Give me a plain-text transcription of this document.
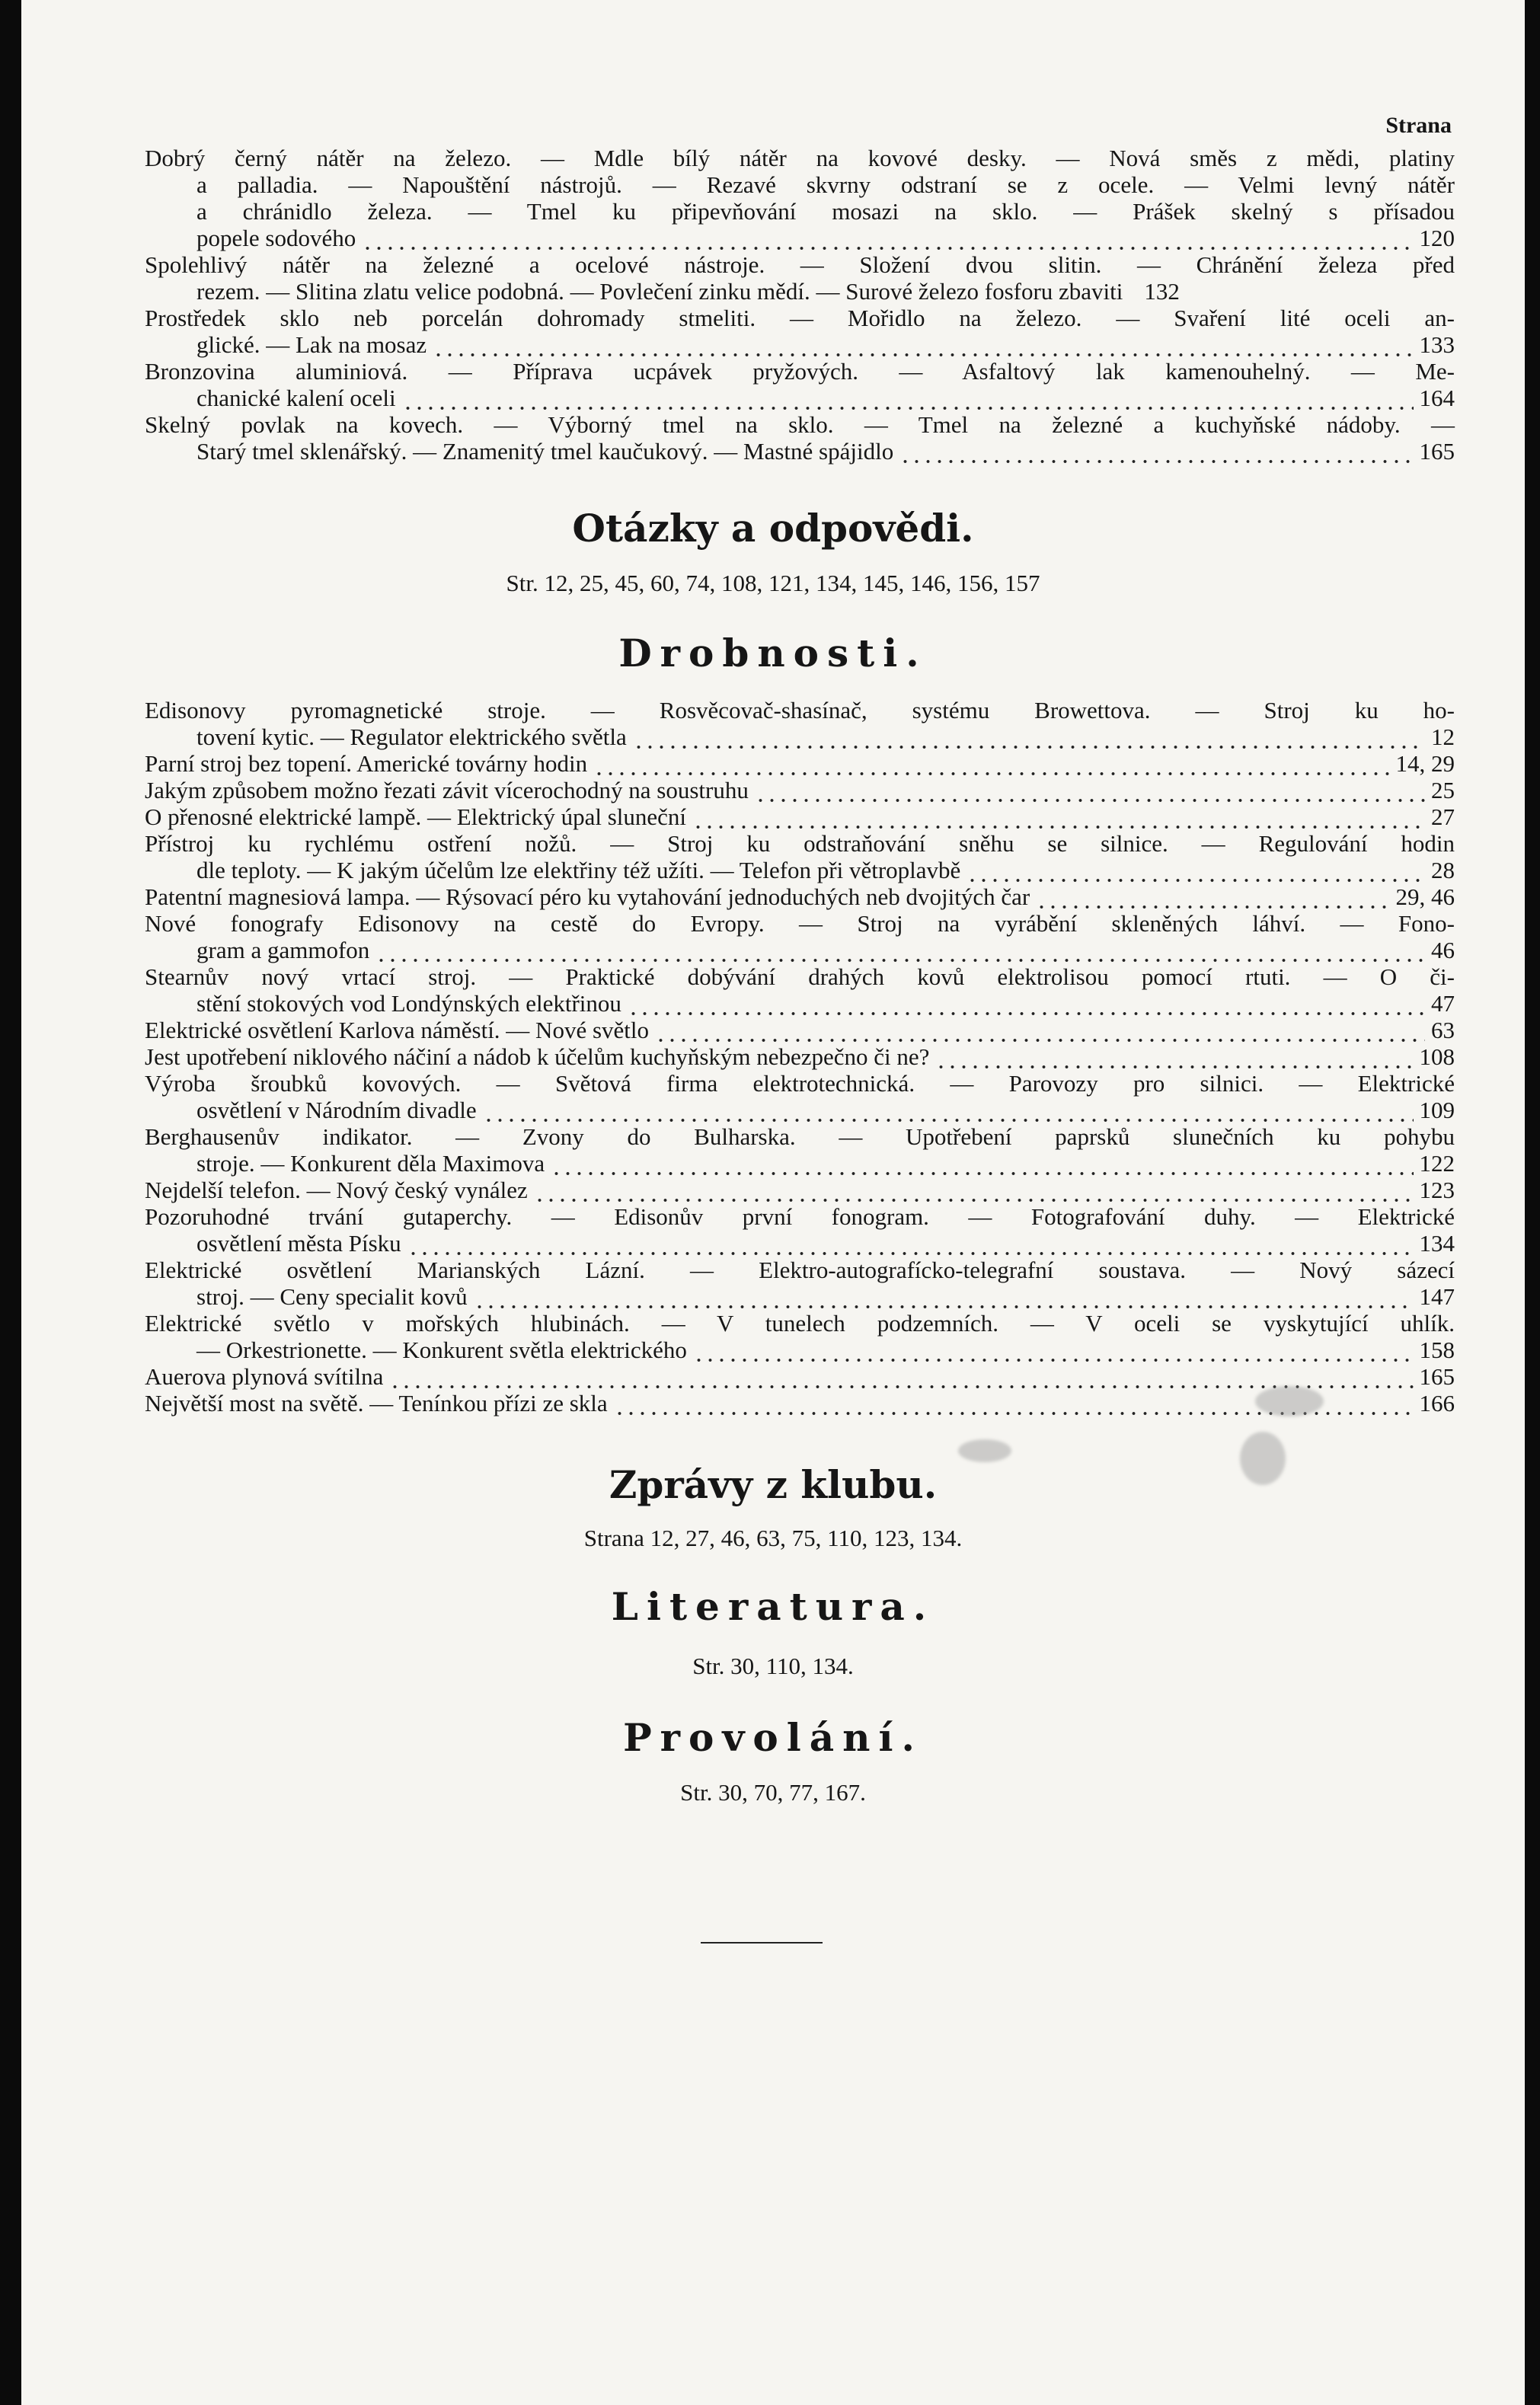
Strana
Dobrý černý nátěr na železo. — Mdle bílý nátěr na kovové desky. — Nová směs z mědi, platiny
a palladia. — Napouštění nástrojů. — Rezavé skvrny odstraní se z ocele. — Velmi levný nátěr
a chránidlo železa. — Tmel ku připevňování mosazi na sklo. — Prášek skelný s přísadou
popele sodového	120
Spolehlivý nátěr na železné a ocelové nástroje. — Složení dvou slitin. — Chránění železa před
rezem. — Slitina zlatu velice podobná. — Povlečení zinku mědí. — Surové železo fosforu zbaviti 132
Prostředek sklo neb porcelán dohromady stmeliti. — Mořidlo na železo. — Svaření lité oceli an-
glické. — Lak na mosaz	133
Bronzovina aluminiová. — Příprava ucpávek pryžových. — Asfaltový lak kamenouhelný. — Me-
chanické kalení oceli	164
Skelný povlak na kovech. — Výborný tmel na sklo. — Tmel na železné a kuchyňské nádoby. —
Starý tmel sklenářský. — Znamenitý tmel kaučukový. — Mastné spájidlo	165
Otázky a odpovědi.
Str. 12, 25, 45, 60, 74, 108, 121, 134, 145, 146, 156, 157
Drobnosti.
Edisonovy pyromagnetické stroje. — Rosvěcovač-shasínač, systému Browettova. — Stroj ku ho-
tovení kytic. — Regulator elektrického světla	12
Parní stroj bez topení. Americké továrny hodin	14, 29
Jakým způsobem možno řezati závit vícerochodný na soustruhu	25
O přenosné elektrické lampě. — Elektrický úpal sluneční	27
Přístroj ku rychlému ostření nožů. — Stroj ku odstraňování sněhu se silnice. — Regulování hodin
dle teploty. — K jakým účelům lze elektřiny též užíti. — Telefon při větroplavbě	28
Patentní magnesiová lampa. — Rýsovací péro ku vytahování jednoduchých neb dvojitých čar	29, 46
Nové fonografy Edisonovy na cestě do Evropy. — Stroj na vyrábění skleněných láhví. — Fono-
gram a gammofon	46
Stearnův nový vrtací stroj. — Praktické dobývání drahých kovů elektrolisou pomocí rtuti. — O či-
stění stokových vod Londýnských elektřinou	47
Elektrické osvětlení Karlova náměstí. — Nové světlo	63
Jest upotřebení niklového náčiní a nádob k účelům kuchyňským nebezpečno či ne?	108
Výroba šroubků kovových. — Světová firma elektrotechnická. — Parovozy pro silnici. — Elektrické
osvětlení v Národním divadle	109
Berghausenův indikator. — Zvony do Bulharska. — Upotřebení paprsků slunečních ku pohybu
stroje. — Konkurent děla Maximova	122
Nejdelší telefon. — Nový český vynález	123
Pozoruhodné trvání gutaperchy. — Edisonův první fonogram. — Fotografování duhy. — Elektrické
osvětlení města Písku	134
Elektrické osvětlení Marianských Lázní. — Elektro-autografícko-telegrafní soustava. — Nový sázecí
stroj. — Ceny specialit kovů	147
Elektrické světlo v mořských hlubinách. — V tunelech podzemních. — V oceli se vyskytující uhlík.
— Orkestrionette. — Konkurent světla elektrického	158
Auerova plynová svítilna	165
Největší most na světě. — Tenínkou přízi ze skla	166
Zprávy z klubu.
Strana 12, 27, 46, 63, 75, 110, 123, 134.
Literatura.
Str. 30, 110, 134.
Provolání.
Str. 30, 70, 77, 167.
